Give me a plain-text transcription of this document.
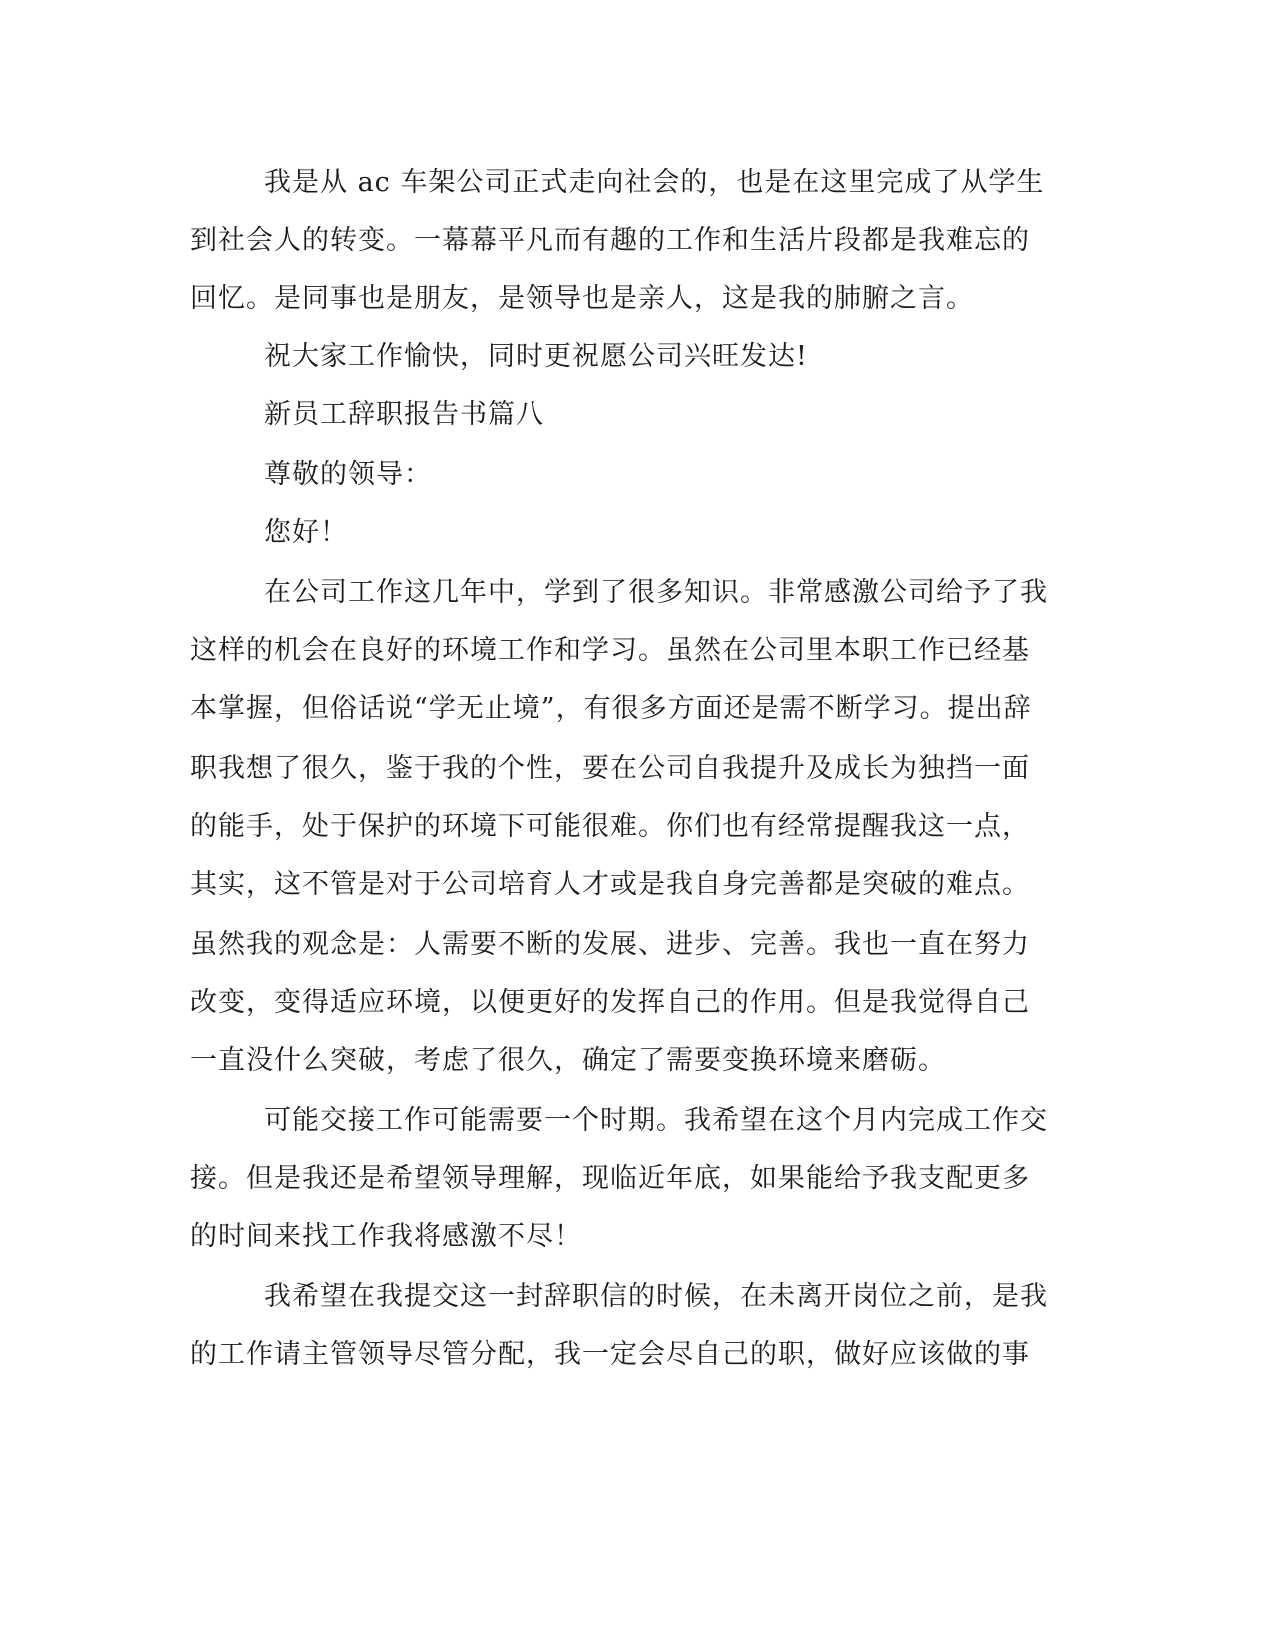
我是从 ac 车架公司正式走向社会的，也是在这里完成了从学生
到社会人的转变。一幕幕平凡而有趣的工作和生活片段都是我难忘的
回忆。是同事也是朋友，是领导也是亲人，这是我的肺腑之言。
祝大家工作愉快，同时更祝愿公司兴旺发达!
新员工辞职报告书篇八
尊敬的领导：
您好！
在公司工作这几年中，学到了很多知识。非常感激公司给予了我
这样的机会在良好的环境工作和学习。虽然在公司里本职工作已经基
本掌握，但俗话说“学无止境”，有很多方面还是需不断学习。提出辞
职我想了很久，鉴于我的个性，要在公司自我提升及成长为独挡一面
的能手，处于保护的环境下可能很难。你们也有经常提醒我这一点，
其实，这不管是对于公司培育人才或是我自身完善都是突破的难点。
虽然我的观念是：人需要不断的发展、进步、完善。我也一直在努力
改变，变得适应环境，以便更好的发挥自己的作用。但是我觉得自己
一直没什么突破，考虑了很久，确定了需要变换环境来磨砺。
可能交接工作可能需要一个时期。我希望在这个月内完成工作交
接。但是我还是希望领导理解，现临近年底，如果能给予我支配更多
的时间来找工作我将感激不尽！
我希望在我提交这一封辞职信的时候，在未离开岗位之前，是我
的工作请主管领导尽管分配，我一定会尽自己的职，做好应该做的事
